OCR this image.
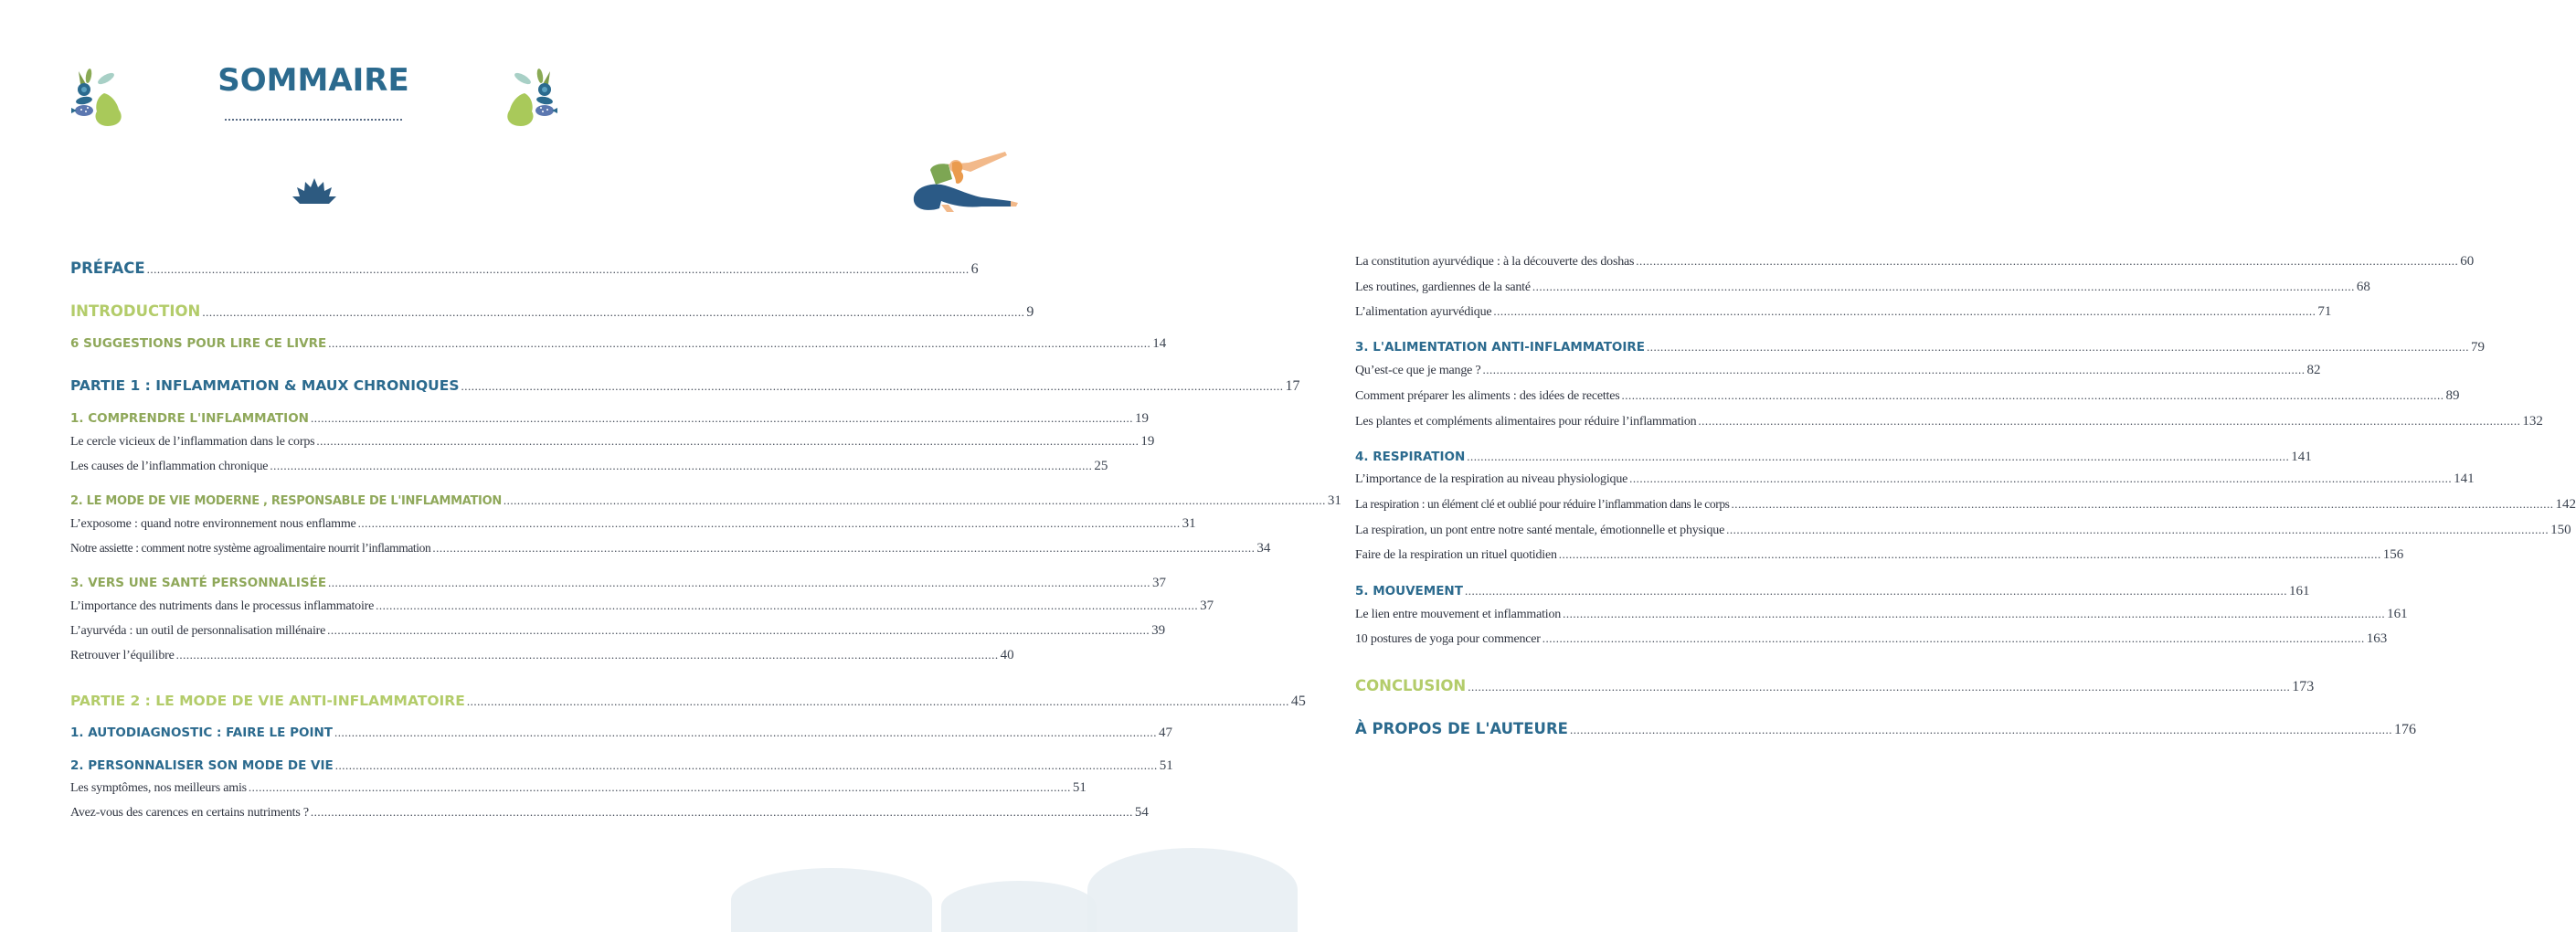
SOMMAIRE
PRÉFACE .....	6
INTRODUCTION .....	9
6 SUGGESTIONS POUR LIRE CE LIVRE .....	14
PARTIE 1 : INFLAMMATION & MAUX CHRONIQUES .....	17
1. COMPRENDRE L'INFLAMMATION .....	19
Le cercle vicieux de l’inflammation dans le corps .....	19
Les causes de l’inflammation chronique .....	25
2. LE MODE DE VIE MODERNE , RESPONSABLE DE L'INFLAMMATION .....	31
L’exposome : quand notre environnement nous enflamme .....	31
Notre assiette : comment notre système agroalimentaire nourrit l’inflammation .....	34
3. VERS UNE SANTÉ PERSONNALISÉE .....	37
L’importance des nutriments dans le processus inflammatoire .....	37
L’ayurvéda : un outil de personnalisation millénaire .....	39
Retrouver l’équilibre .....	40
PARTIE 2 : LE MODE DE VIE ANTI-INFLAMMATOIRE .....	45
1. AUTODIAGNOSTIC : FAIRE LE POINT .....	47
2. PERSONNALISER SON MODE DE VIE .....	51
Les symptômes, nos meilleurs amis .....	51
Avez-vous des carences en certains nutriments ? .....	54
La constitution ayurvédique : à la découverte des doshas .....	60
Les routines, gardiennes de la santé .....	68
L’alimentation ayurvédique .....	71
3. L'ALIMENTATION ANTI-INFLAMMATOIRE .....	79
Qu’est-ce que je mange ? .....	82
Comment préparer les aliments : des idées de recettes .....	89
Les plantes et compléments alimentaires pour réduire l’inflammation .....	132
4. RESPIRATION .....	141
L’importance de la respiration au niveau physiologique .....	141
La respiration : un élément clé et oublié pour réduire l’inflammation dans le corps .....	142
La respiration, un pont entre notre santé mentale, émotionnelle et physique .....	150
Faire de la respiration un rituel quotidien .....	156
5. MOUVEMENT .....	161
Le lien entre mouvement et inflammation .....	161
10 postures de yoga pour commencer .....	163
CONCLUSION .....	173
À PROPOS DE L'AUTEURE .....	176
